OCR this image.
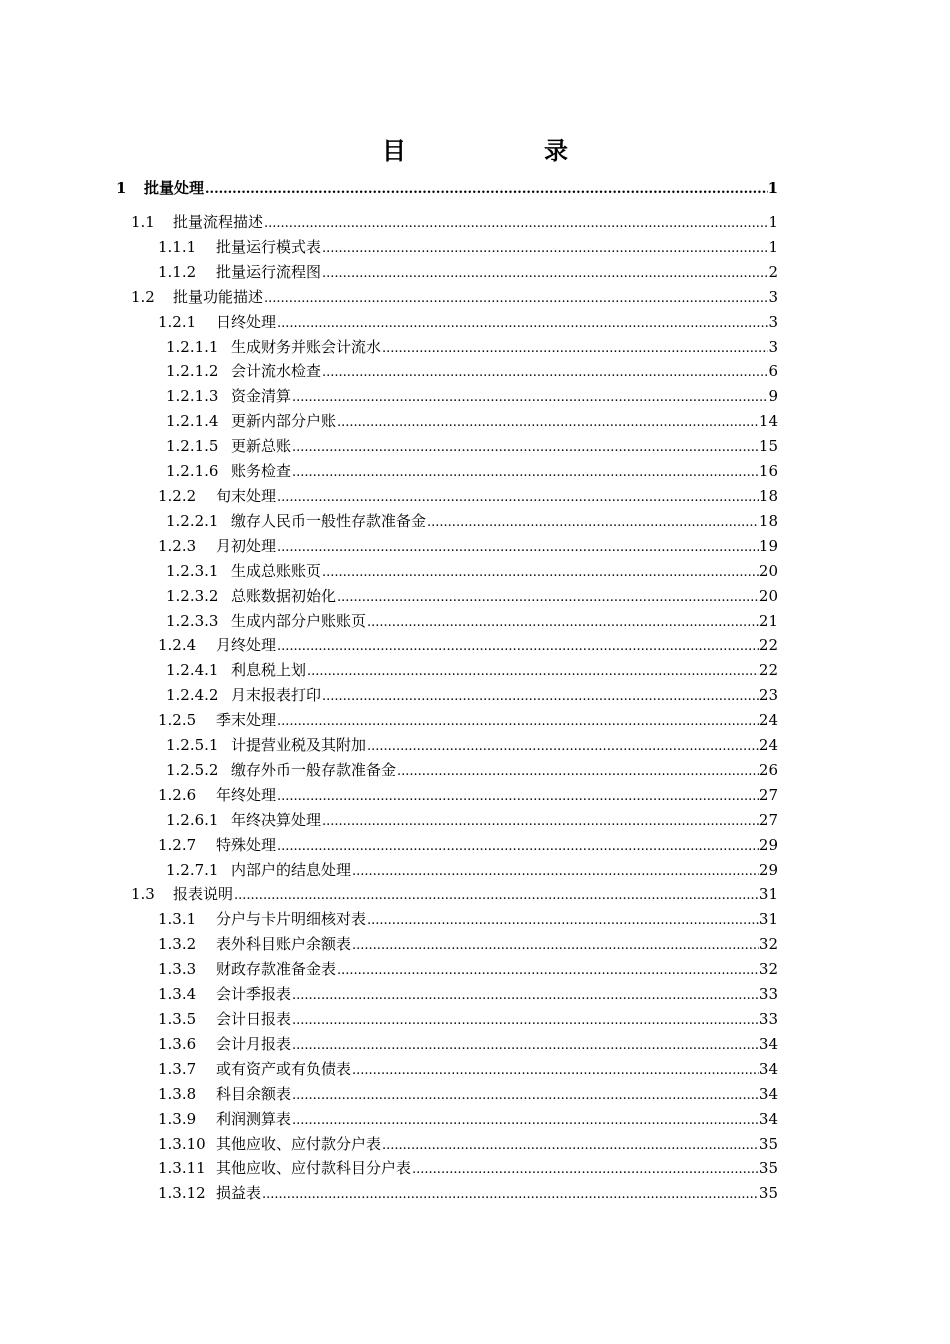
目　　录
1	批量处理 .....	1
1.1	批量流程描述 .....	1
1.1.1	批量运行模式表 .....	1
1.1.2	批量运行流程图 .....	2
1.2	批量功能描述 .....	3
1.2.1	日终处理 .....	3
1.2.1.1 生成财务并账会计流水 .....	3
1.2.1.2 会计流水检查 .....	6
1.2.1.3 资金清算 .....	9
1.2.1.4 更新内部分户账 .....	14
1.2.1.5 更新总账 .....	15
1.2.1.6 账务检查 .....	16
1.2.2	旬末处理 .....	18
1.2.2.1 缴存人民币一般性存款准备金 .....	18
1.2.3	月初处理 .....	19
1.2.3.1 生成总账账页 .....	20
1.2.3.2 总账数据初始化 .....	20
1.2.3.3 生成内部分户账账页 .....	21
1.2.4	月终处理 .....	22
1.2.4.1 利息税上划 .....	22
1.2.4.2 月末报表打印 .....	23
1.2.5	季末处理 .....	24
1.2.5.1 计提营业税及其附加 .....	24
1.2.5.2 缴存外币一般存款准备金 .....	26
1.2.6	年终处理 .....	27
1.2.6.1 年终决算处理 .....	27
1.2.7	特殊处理 .....	29
1.2.7.1 内部户的结息处理 .....	29
1.3	报表说明 .....	31
1.3.1	分户与卡片明细核对表 .....	31
1.3.2	表外科目账户余额表 .....	32
1.3.3	财政存款准备金表 .....	32
1.3.4	会计季报表 .....	33
1.3.5	会计日报表 .....	33
1.3.6	会计月报表 .....	34
1.3.7	或有资产或有负债表 .....	34
1.3.8	科目余额表 .....	34
1.3.9	利润测算表 .....	34
1.3.10 其他应收、应付款分户表 .....	35
1.3.11 其他应收、应付款科目分户表 .....	35
1.3.12 损益表 .....	35
